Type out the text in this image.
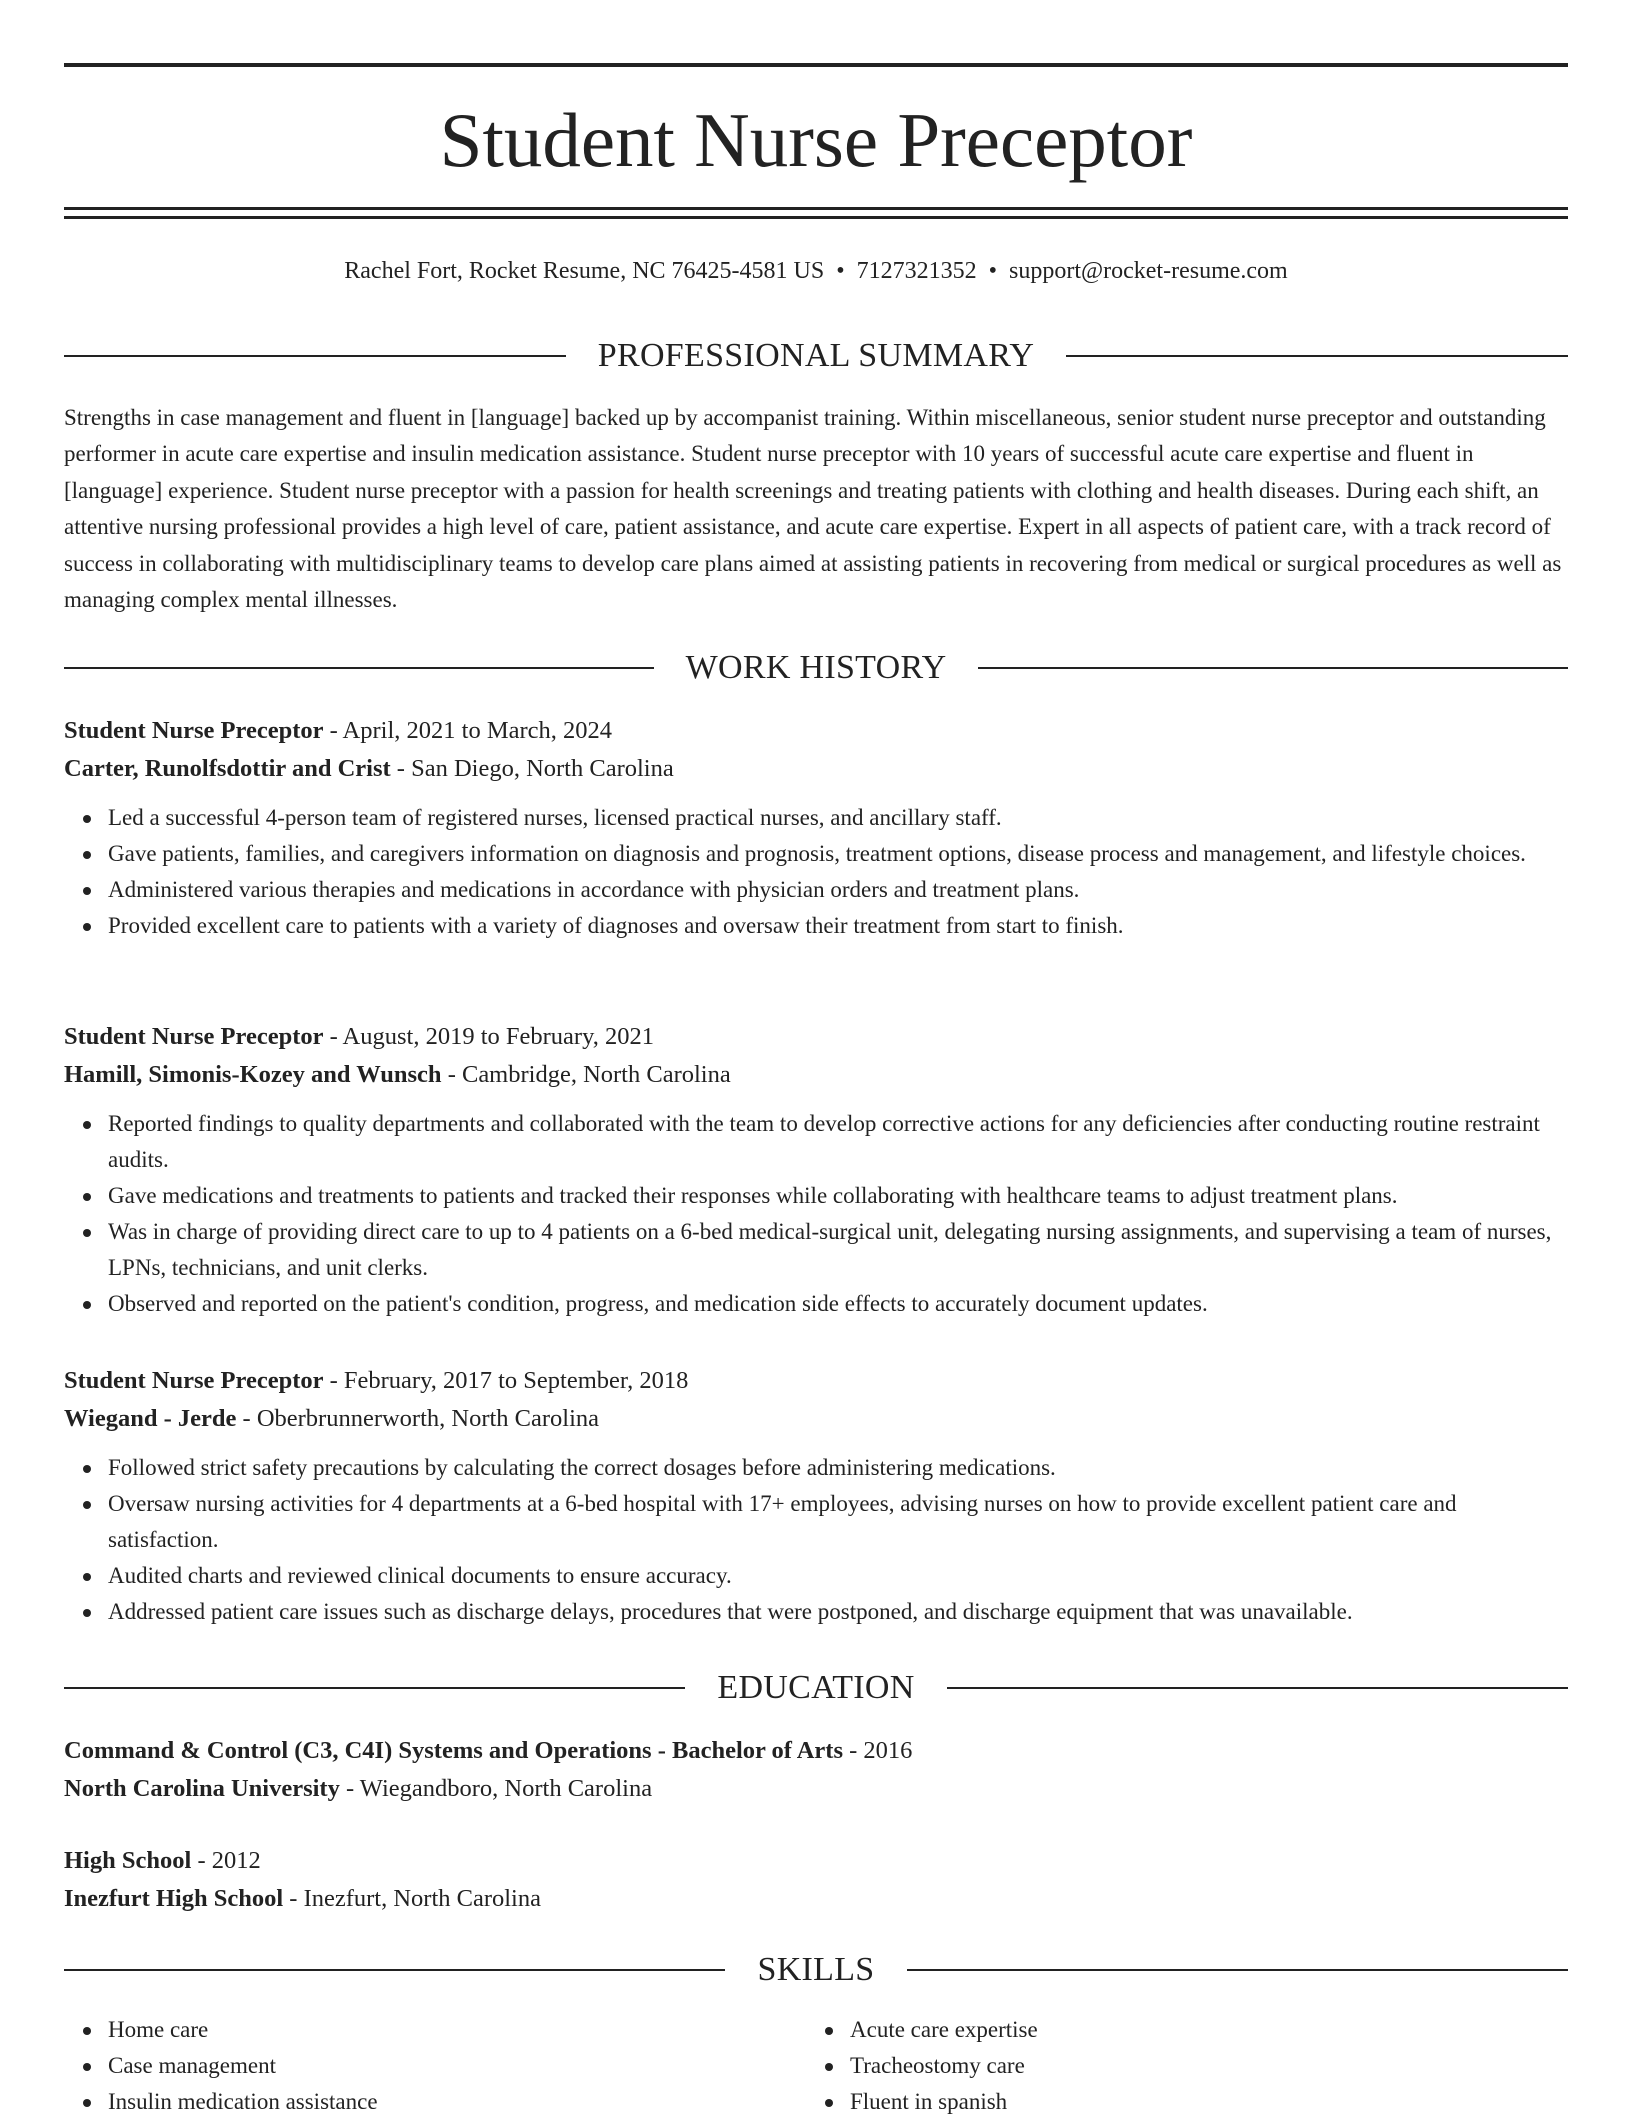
Student Nurse Preceptor
Rachel Fort, Rocket Resume, NC 76425-4581 US • 7127321352 • support@rocket-resume.com
PROFESSIONAL SUMMARY

Strengths in case management and fluent in [language] backed up by accompanist training. Within miscellaneous, senior student nurse preceptor and outstanding performer in acute care expertise and insulin medication assistance. Student nurse preceptor with 10 years of successful acute care expertise and fluent in [language] experience. Student nurse preceptor with a passion for health screenings and treating patients with clothing and health diseases. During each shift, an attentive nursing professional provides a high level of care, patient assistance, and acute care expertise. Expert in all aspects of patient care, with a track record of success in collaborating with multidisciplinary teams to develop care plans aimed at assisting patients in recovering from medical or surgical procedures as well as managing complex mental illnesses.

WORK HISTORY
Student Nurse Preceptor - April, 2021 to March, 2024
Carter, Runolfsdottir and Crist - San Diego, North Carolina
Led a successful 4-person team of registered nurses, licensed practical nurses, and ancillary staff.
Gave patients, families, and caregivers information on diagnosis and prognosis, treatment options, disease process and management, and lifestyle choices.
Administered various therapies and medications in accordance with physician orders and treatment plans.
Provided excellent care to patients with a variety of diagnoses and oversaw their treatment from start to finish.
Student Nurse Preceptor - August, 2019 to February, 2021
Hamill, Simonis-Kozey and Wunsch - Cambridge, North Carolina
Reported findings to quality departments and collaborated with the team to develop corrective actions for any deficiencies after conducting routine restraint audits.
Gave medications and treatments to patients and tracked their responses while collaborating with healthcare teams to adjust treatment plans.
Was in charge of providing direct care to up to 4 patients on a 6-bed medical-surgical unit, delegating nursing assignments, and supervising a team of nurses, LPNs, technicians, and unit clerks.
Observed and reported on the patient's condition, progress, and medication side effects to accurately document updates.
Student Nurse Preceptor - February, 2017 to September, 2018
Wiegand - Jerde - Oberbrunnerworth, North Carolina
Followed strict safety precautions by calculating the correct dosages before administering medications.
Oversaw nursing activities for 4 departments at a 6-bed hospital with 17+ employees, advising nurses on how to provide excellent patient care and satisfaction.
Audited charts and reviewed clinical documents to ensure accuracy.
Addressed patient care issues such as discharge delays, procedures that were postponed, and discharge equipment that was unavailable.
EDUCATION
Command & Control (C3, C4I) Systems and Operations - Bachelor of Arts - 2016
North Carolina University - Wiegandboro, North Carolina
High School - 2012
Inezfurt High School - Inezfurt, North Carolina
SKILLS
Home care
Case management
Insulin medication assistance
Acute care expertise
Tracheostomy care
Fluent in spanish
